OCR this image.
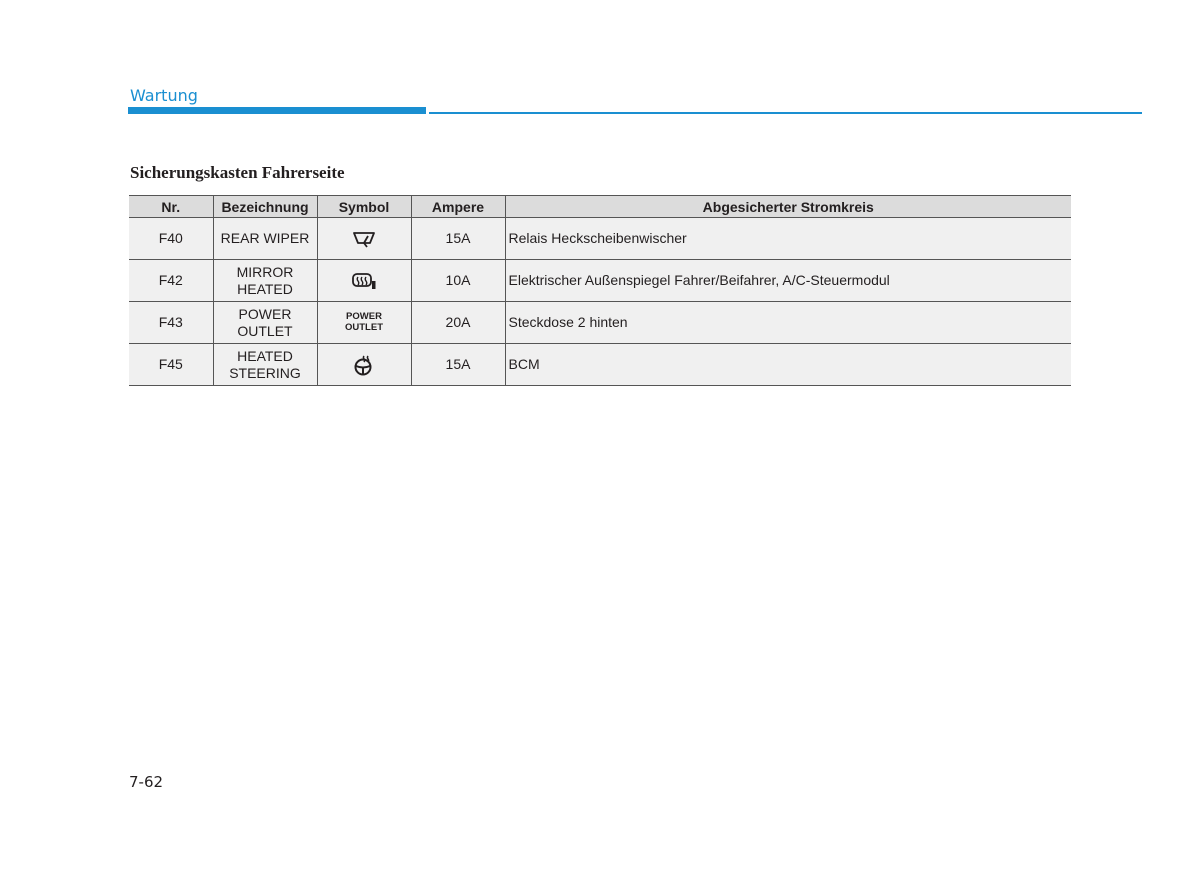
Wartung
Sicherungskasten Fahrerseite
Nr.	Bezeichnung	Symbol	Ampere	Abgesicherter Stromkreis
F40	REAR WIPER		15A	Relais Heckscheibenwischer
F42	MIRROR
HEATED		10A	Elektrischer Außenspiegel Fahrer/Beifahrer, A/C-Steuermodul
F43	POWER
OUTLET	POWER
OUTLET	20A	Steckdose 2 hinten
F45	HEATED
STEERING		15A	BCM
7-62
